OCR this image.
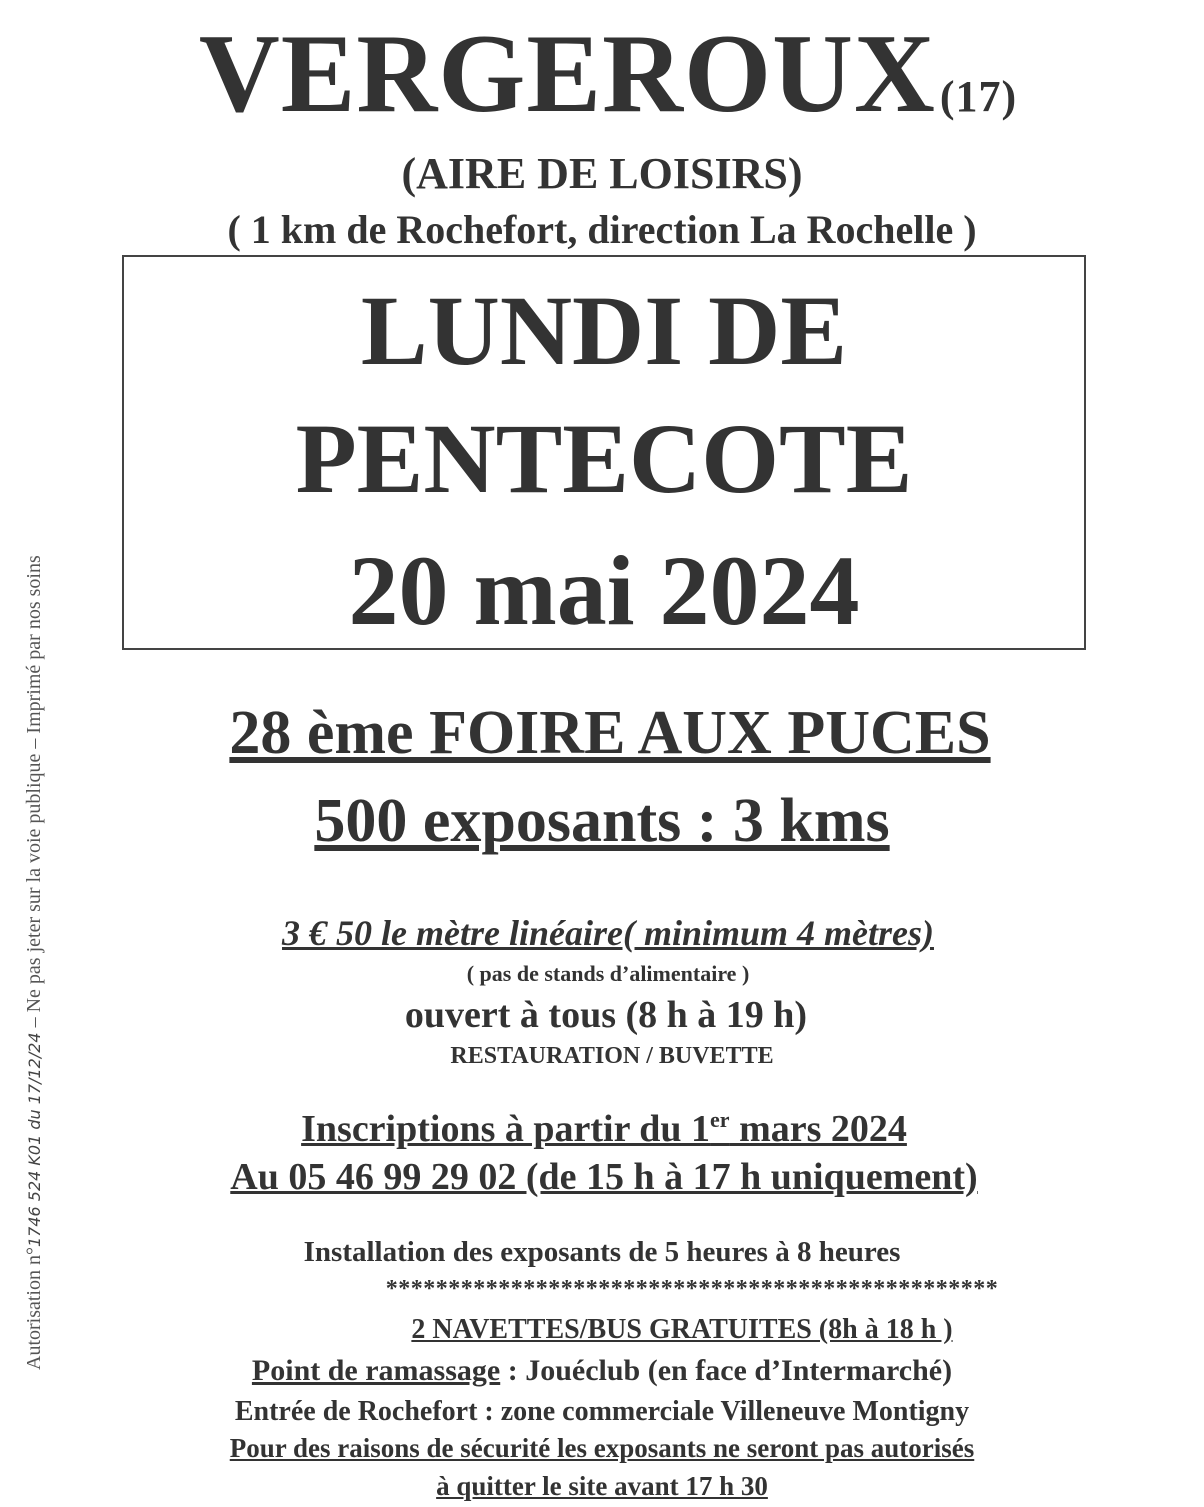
VERGEROUX(17)
(AIRE DE LOISIRS)
( 1 km de Rochefort, direction La Rochelle )
LUNDI DE
PENTECOTE
20 mai 2024
28 ème FOIRE AUX PUCES
500 exposants : 3 kms
3 € 50 le mètre linéaire( minimum 4 mètres)
( pas de stands d’alimentaire )
ouvert à tous (8 h à 19 h)
RESTAURATION / BUVETTE
Inscriptions à partir du 1er mars 2024
Au 05 46 99 29 02 (de 15 h à 17 h uniquement)
Installation des exposants de 5 heures à 8 heures
*************************************************
2 NAVETTES/BUS GRATUITES (8h à 18 h )
Point de ramassage : Jouéclub (en face d’Intermarché)
Entrée de Rochefort : zone commerciale Villeneuve Montigny
Pour des raisons de sécurité les exposants ne seront pas autorisés
à quitter le site avant 17 h 30
Autorisation n°1746 524 K01 du 17/12/24 – Ne pas jeter sur la voie publique – Imprimé par nos soins
